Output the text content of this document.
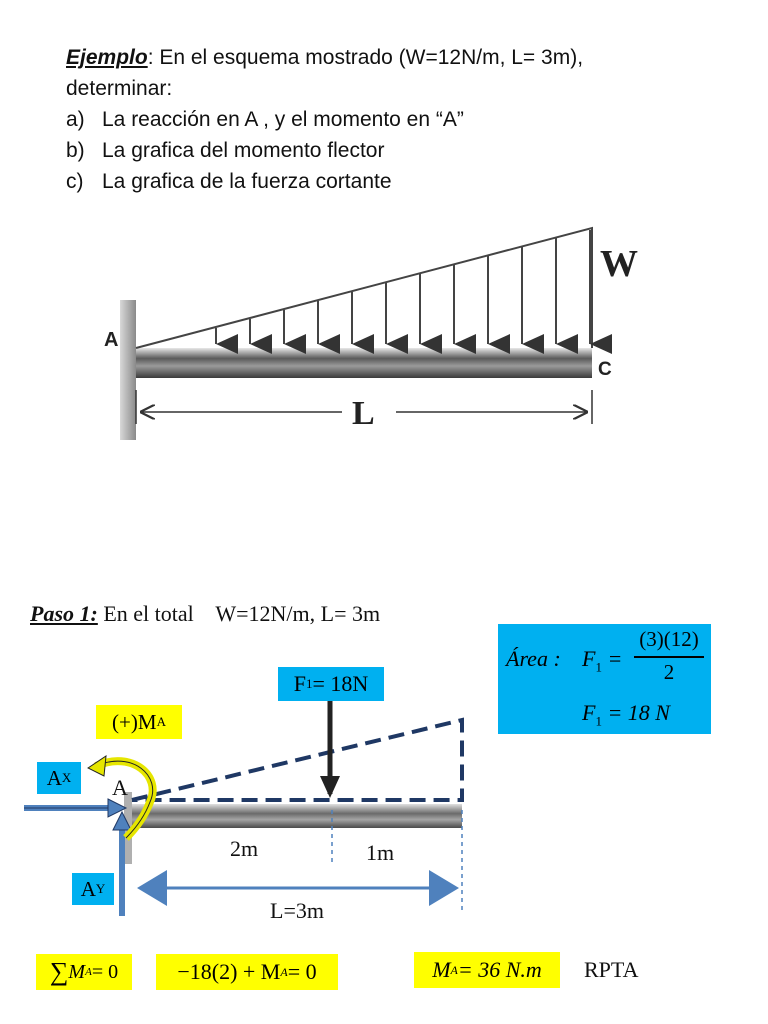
Ejemplo: En el esquema mostrado (W=12N/m, L= 3m),
determinar:
a) La reacción en A , y el momento en “A”
b) La grafica del momento flector
c) La grafica de la fuerza cortante
A
C
W
L
Paso 1: En el total    W=12N/m, L= 3m
Área : $F_1$ =
(3)(12)
2
$F_1 = 18$ N
A
2m	1m
L=3m
F 1 = 18N
(+)M A
A X
A Y
∑ M A = 0	−18(2) + M A = 0	M A = 36 N.m RPTA
